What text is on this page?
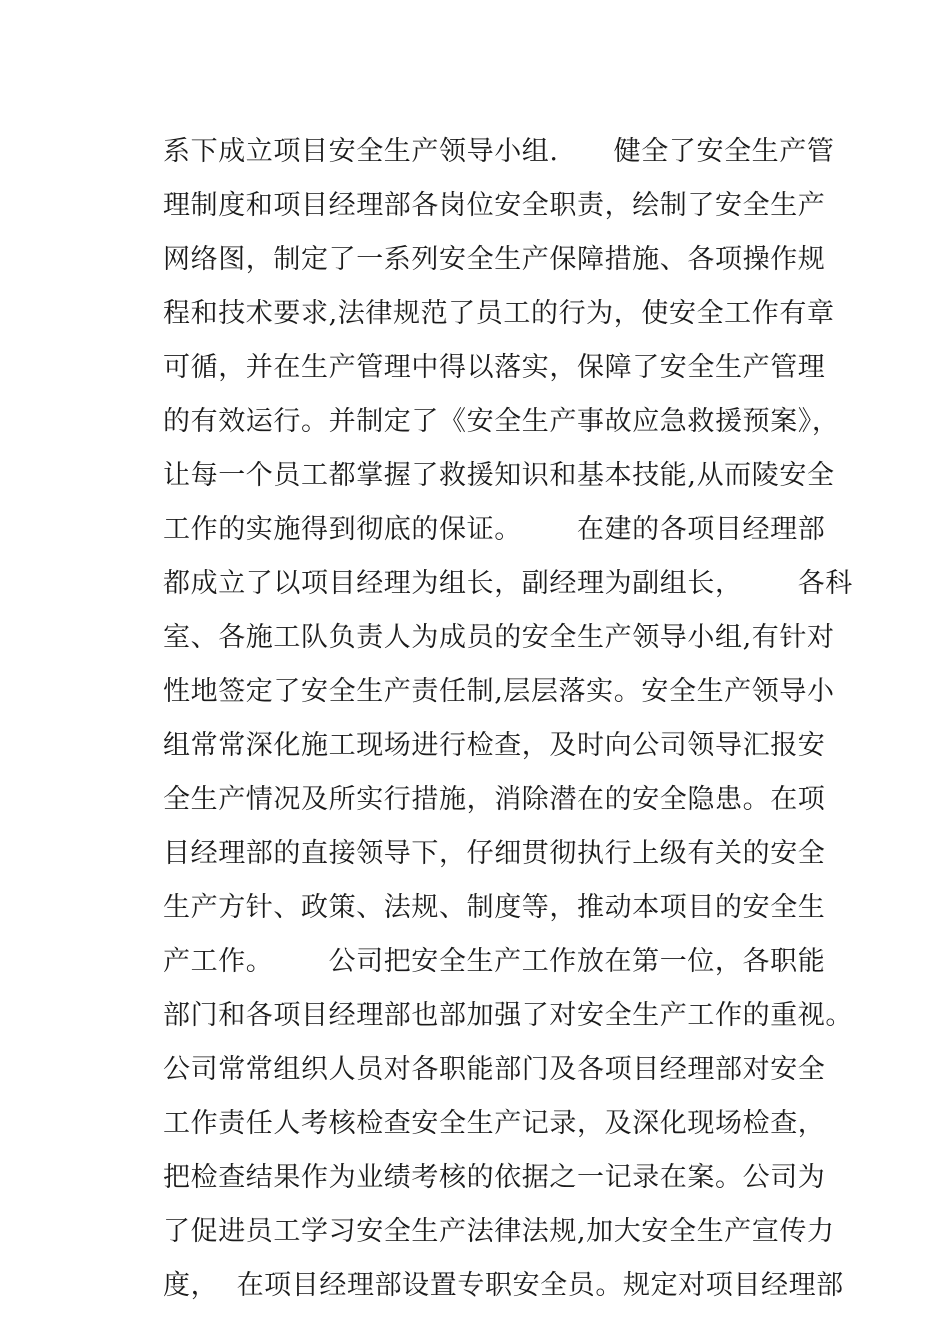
系下成立项目安全生产领导小组.      健全了安全生产管
理制度和项目经理部各岗位安全职责，绘制了安全生产
网络图，制定了一系列安全生产保障措施、各项操作规
程和技术要求,法律规范了员工的行为，使安全工作有章
可循，并在生产管理中得以落实，保障了安全生产管理
的有效运行。并制定了《安全生产事故应急救援预案》，
让每一个员工都掌握了救援知识和基本技能,从而陵安全
工作的实施得到彻底的保证。      在建的各项目经理部
都成立了以项目经理为组长，副经理为副组长，      各科
室、各施工队负责人为成员的安全生产领导小组,有针对
性地签定了安全生产责任制,层层落实。安全生产领导小
组常常深化施工现场进行检查，及时向公司领导汇报安
全生产情况及所实行措施，消除潜在的安全隐患。在项
目经理部的直接领导下，仔细贯彻执行上级有关的安全
生产方针、政策、法规、制度等，推动本项目的安全生
产工作。      公司把安全生产工作放在第一位，各职能
部门和各项目经理部也部加强了对安全生产工作的重视。
公司常常组织人员对各职能部门及各项目经理部对安全
工作责任人考核检查安全生产记录，及深化现场检查，
把检查结果作为业绩考核的依据之一记录在案。公司为
了促进员工学习安全生产法律法规,加大安全生产宣传力
度，  在项目经理部设置专职安全员。规定对项目经理部
